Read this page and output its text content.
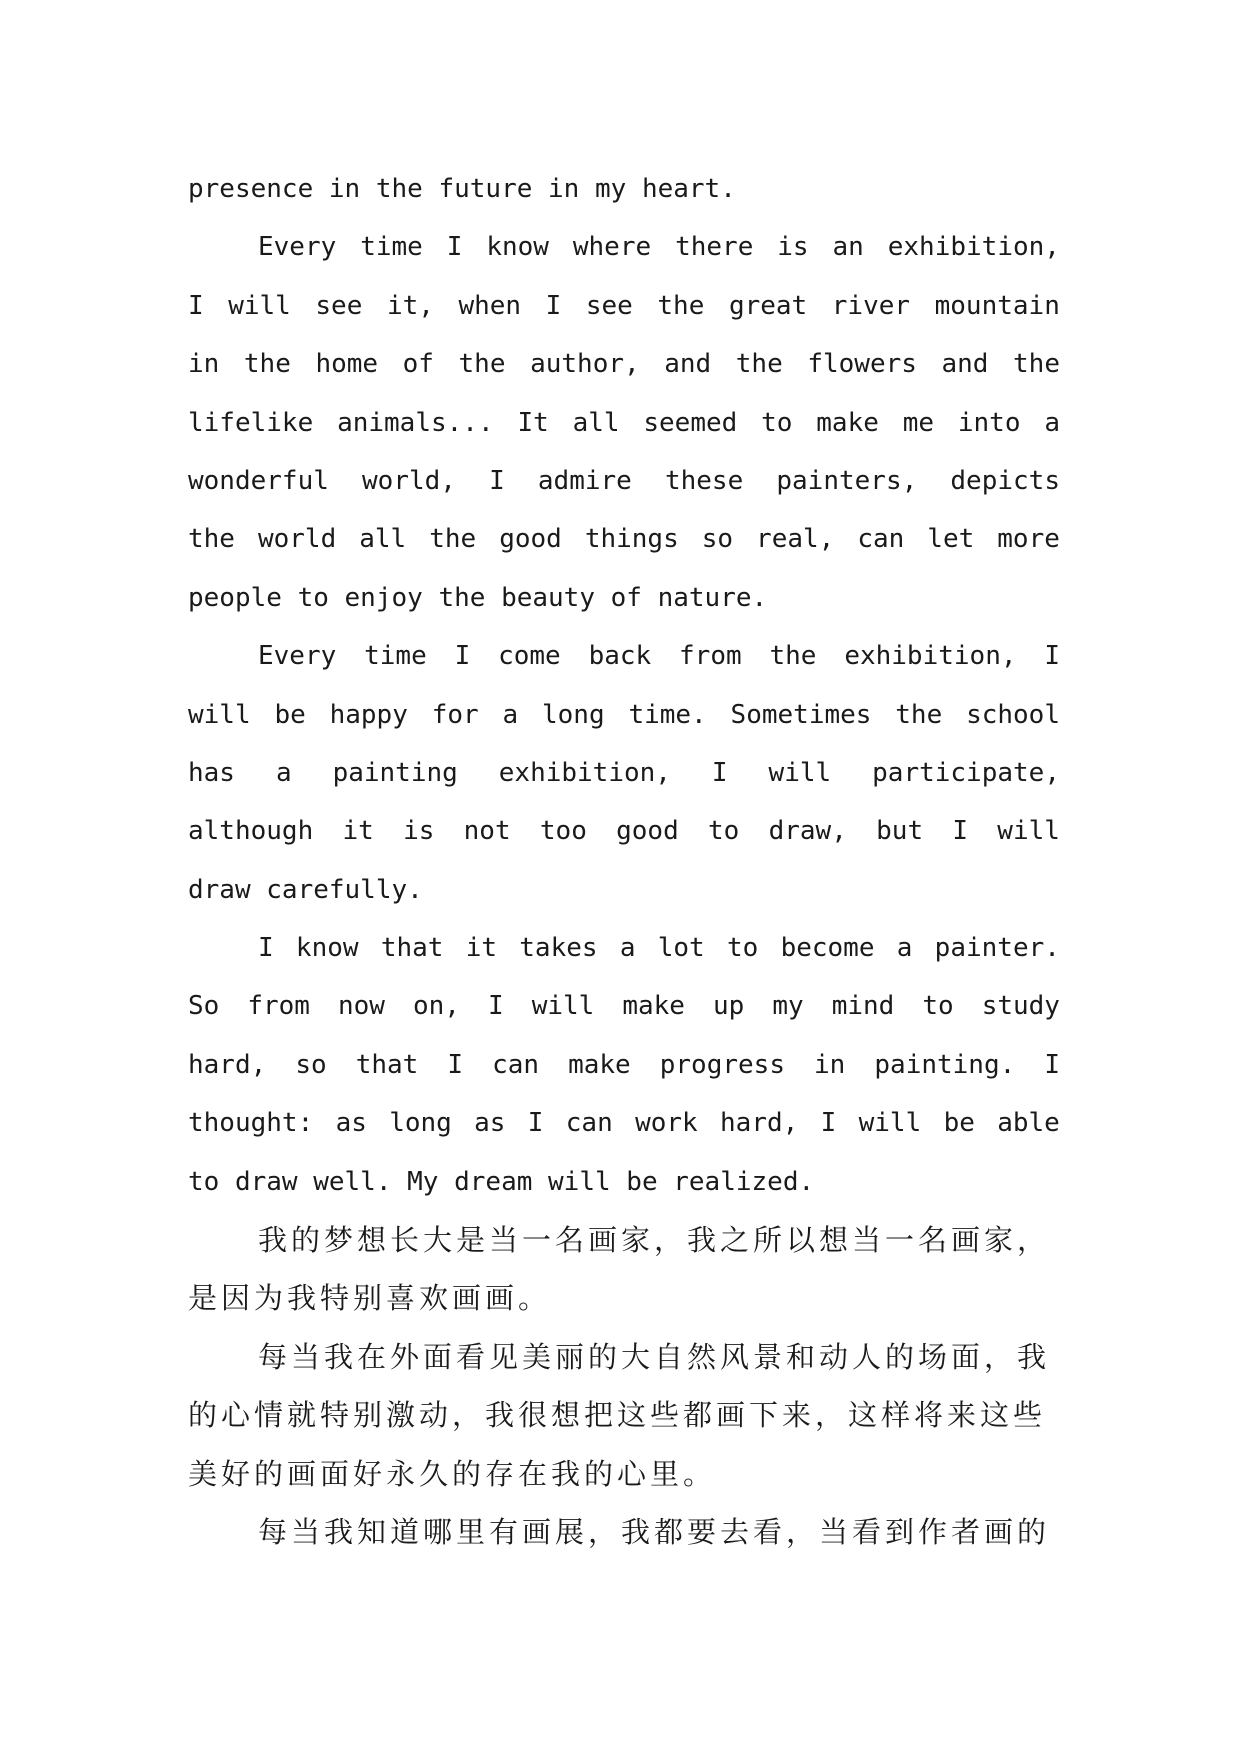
presence in the future in my heart.
Every time I know where there is an exhibition,
I will see it, when I see the great river mountain
in the home of the author, and the flowers and the
lifelike animals... It all seemed to make me into a
wonderful world, I admire these painters, depicts
the world all the good things so real, can let more
people to enjoy the beauty of nature.
Every time I come back from the exhibition, I
will be happy for a long time. Sometimes the school
has a painting exhibition, I will participate,
although it is not too good to draw, but I will
draw carefully.
I know that it takes a lot to become a painter.
So from now on, I will make up my mind to study
hard, so that I can make progress in painting. I
thought: as long as I can work hard, I will be able
to draw well. My dream will be realized.
我的梦想长大是当一名画家，我之所以想当一名画家，
是因为我特别喜欢画画。
每当我在外面看见美丽的大自然风景和动人的场面，我
的心情就特别激动，我很想把这些都画下来，这样将来这些
美好的画面好永久的存在我的心里。
每当我知道哪里有画展，我都要去看，当看到作者画的
